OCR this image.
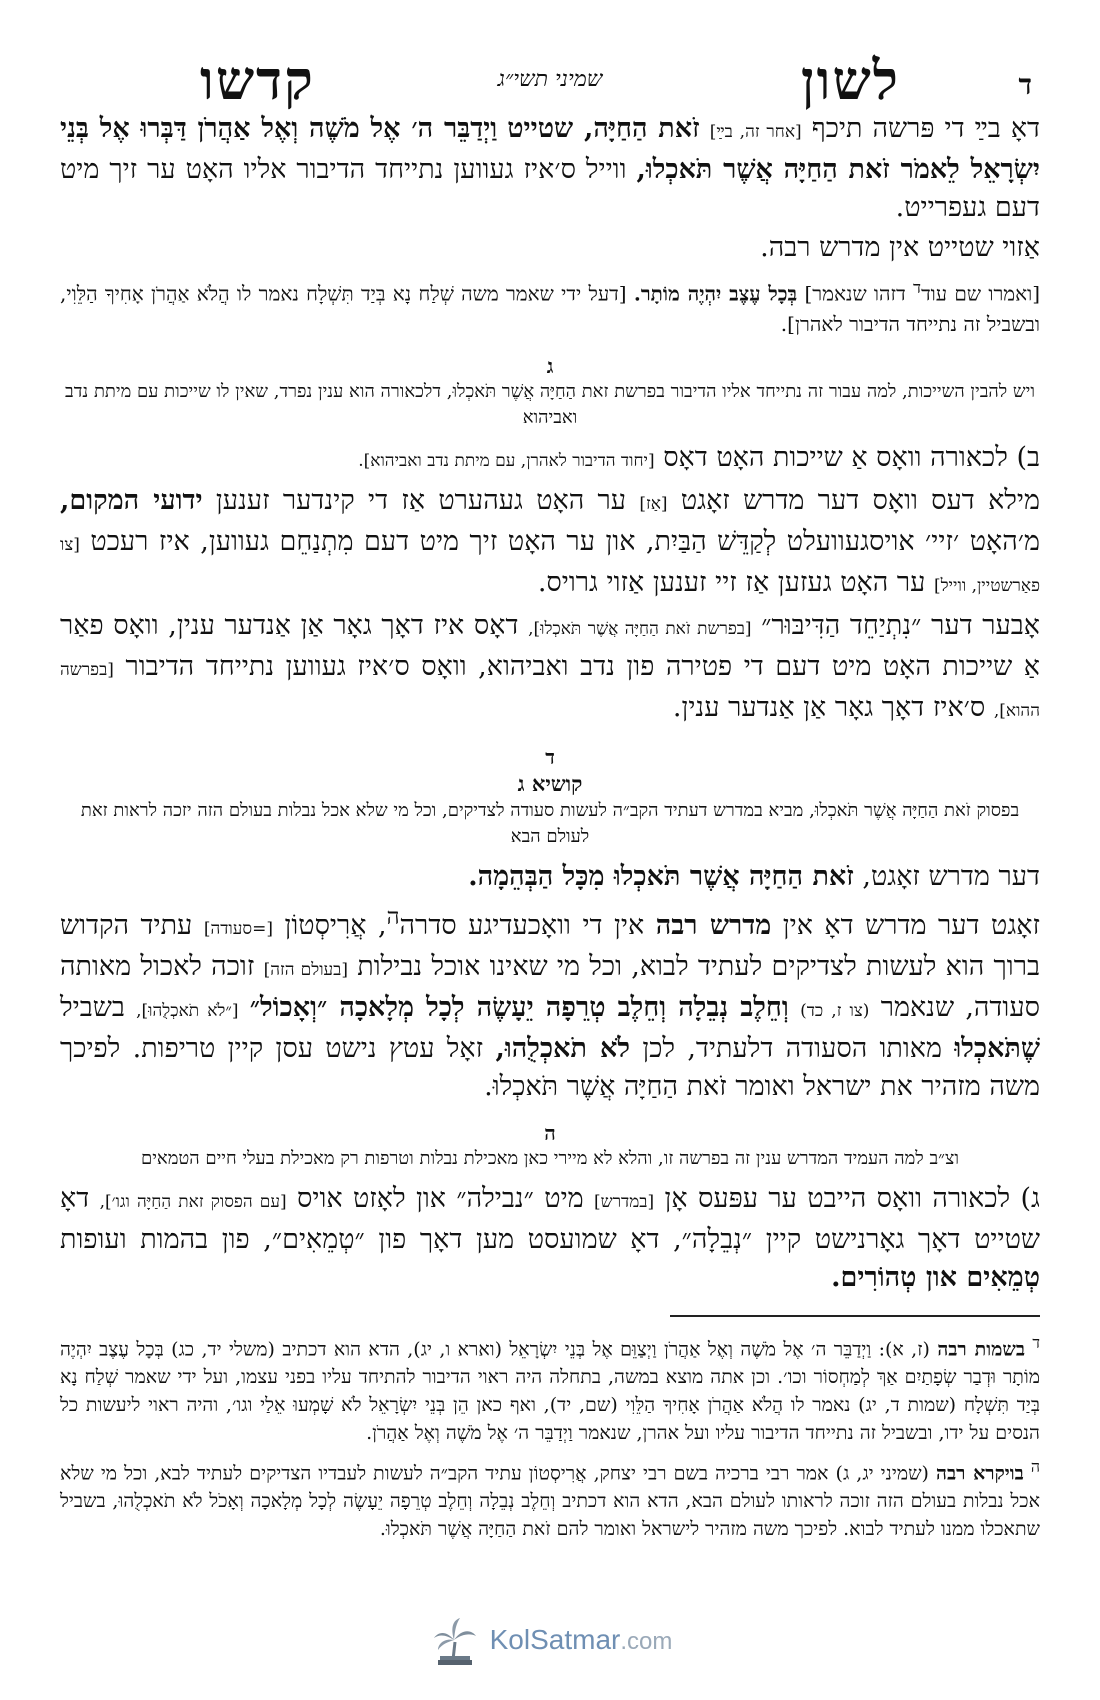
ד
לשון
שמיני תשי״ג
קדשו

דאָ בײַ די פּרשה תיכף [אחר זה, בײַ] זֹאת הַחַיָּה, שטייט וַיְדַבֵּר ה׳ אֶל מֹשֶׁה וְאֶל אַהֲרֹן דַּבְּרוּ אֶל בְּנֵי יִשְׂרָאֵל לֵאמֹר זֹאת הַחַיָּה אֲשֶׁר תֹּאכְלוּ, ווייל ס׳איז געווען נתייחד הדיבור אליו האָט ער זיך מיט דעם געפרייט.

אַזוי שטייט אין מדרש רבה.

[ואמרו שם עוד$^ד$ דזהו שנאמר] בְּכָל עֶצֶב יִהְיֶה מוֹתָר. [דעל ידי שאמר משה שְׁלַח נָא בְּיַד תִּשְׁלָח נאמר לו הֲלֹא אַהֲרֹן אָחִיךָ הַלֵּוִי, ובשביל זה נתייחד הדיבור לאהרן].

ג
ויש להבין השייכות, למה עבור זה נתייחד אליו הדיבור בפרשת זאת הַחַיָּה אֲשֶׁר תֹּאכְלוּ, דלכאורה הוא ענין נפרד, שאין לו שייכות עם מיתת נדב ואביהוא

ב) לכאורה וואָס אַ שייכות האָט דאָס [יחוד הדיבור לאהרן, עם מיתת נדב ואביהוא].

מילא דעס וואָס דער מדרש זאָגט [אַז] ער האָט געהערט אַז די קינדער זענען ידועי המקום, מ׳האָט ׳זיי׳ אויסגעוועלט לְקַדֵּשׁ הַבַּיִת, און ער האָט זיך מיט דעם מִתְנַחֵם געווען, איז רעכט [צו פאַרשטיין, ווייל] ער האָט געזען אַז זיי זענען אַזוי גרויס.

אָבער דער ״נִתְיַחֵד הַדִּיבּוּר״ [בפרשת זֹאת הַחַיָּה אֲשֶׁר תֹּאכְלוּ], דאָס איז דאָך גאָר אַן אַנדער ענין, וואָס פאַר אַ שייכות האָט מיט דעם די פטירה פון נדב ואביהוא, וואָס ס׳איז געווען נתייחד הדיבור [בפרשה ההוא], ס׳איז דאָך גאָר אַן אַנדער ענין.

ד
קושיא ג
בפסוק זֹאת הַחַיָּה אֲשֶׁר תֹּאכְלוּ, מביא במדרש דעתיד הקב״ה לעשות סעודה לצדיקים, וכל מי שלא אכל נבלות בעולם הזה יזכה לראות זאת לעולם הבא

דער מדרש זאָגט, זֹאת הַחַיָּה אֲשֶׁר תֹּאכְלוּ מִכָּל הַבְּהֵמָה.

זאָגט דער מדרש דאָ אין מדרש רבה אין די וואָכעדיגע סדרה$^ה$, אֲרִיסְטוֹן [=סעודה] עתיד הקדוש ברוך הוא לעשות לצדיקים לעתיד לבוא, וכל מי שאינו אוכל נבילות [בעולם הזה] זוכה לאכול מאותה סעודה, שנאמר (צו ז, כד) וְחֵלֶב נְבֵלָה וְחֵלֶב טְרֵפָה יֵעָשֶׂה לְכָל מְלָאכָה ״וְאָכוֹל״ [״לֹא תֹאכְלֻהוּ], בשביל שֶׁתֹּאכְלוּ מאותו הסעודה דלעתיד, לכן לֹא תֹאכְלֻהוּ, זאָל עטץ נישט עסן קיין טריפות. לפיכך משה מזהיר את ישראל ואומר זֹאת הַחַיָּה אֲשֶׁר תֹּאכְלוּ.

ה
וצ״ב למה העמיד המדרש ענין זה בפרשה זו, והלא לא מיירי כאן מאכילת נבלות וטרפות רק מאכילת בעלי חיים הטמאים

ג) לכאורה וואָס הייבט ער עפּעס אָן [במדרש] מיט ״נבילה״ און לאָזט אויס [עם הפסוק זאת הַחַיָּה וגו׳], דאָ שטייט דאָך גאָרנישט קיין ״נְבֵלָה״, דאָ שמועסט מען דאָך פון ״טְמֵאִים״, פון בהמות ועופות טְמֵאִים און טְהוֹרִים.

$^ד$ בשמות רבה (ז, א): וַיְדַבֵּר ה׳ אֶל מֹשֶׁה וְאֶל אַהֲרֹן וַיְצַוֵּם אֶל בְּנֵי יִשְׂרָאֵל (וארא ו, יג), הדא הוא דכתיב (משלי יד, כג) בְּכָל עֶצֶב יִהְיֶה מוֹתָר וּדְבַר שְׂפָתַיִם אַךְ לְמַחְסוֹר וכו׳. וכן אתה מוצא במשה, בתחלה היה ראוי הדיבור להתיחד עליו בפני עצמו, ועל ידי שאמר שְׁלַח נָא בְּיַד תִּשְׁלָח (שמות ד, יג) נאמר לו הֲלֹא אַהֲרֹן אָחִיךָ הַלֵּוִי (שם, יד), ואף כאן הֵן בְּנֵי יִשְׂרָאֵל לֹא שָׁמְעוּ אֵלַי וגו׳, והיה ראוי ליעשות כל הנסים על ידו, ובשביל זה נתייחד הדיבור עליו ועל אהרן, שנאמר וַיְדַבֵּר ה׳ אֶל מֹשֶׁה וְאֶל אַהֲרֹן.

$^ה$ בויקרא רבה (שמיני יג, ג) אמר רבי ברכיה בשם רבי יצחק, אֲרִיסְטוֹן עתיד הקב״ה לעשות לעבדיו הצדיקים לעתיד לבא, וכל מי שלא אכל נבלות בעולם הזה זוכה לראותו לעולם הבא, הדא הוא דכתיב וְחֵלֶב נְבֵלָה וְחֵלֶב טְרֵפָה יֵעָשֶׂה לְכָל מְלָאכָה וְאָכֹל לֹא תֹאכְלֻהוּ, בשביל שתאכלו ממנו לעתיד לבוא. לפיכך משה מזהיר לישראל ואומר להם זֹאת הַחַיָּה אֲשֶׁר תֹּאכְלוּ.

KolSatmar.com
